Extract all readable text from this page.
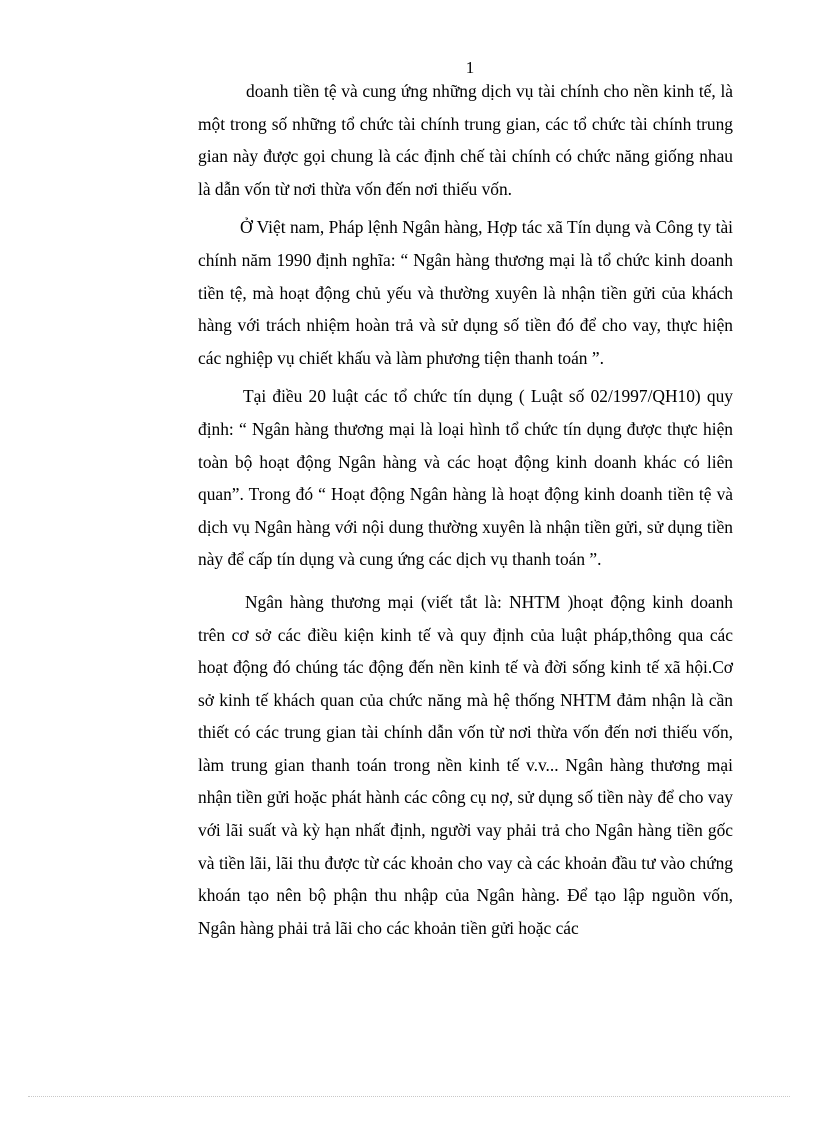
1

doanh tiền tệ và cung ứng những dịch vụ tài chính cho nền kinh tế, là một trong số những tổ chức tài chính trung gian, các tổ chức tài chính trung gian này được gọi chung là các định chế tài chính có chức năng giống nhau là dẫn vốn từ nơi thừa vốn đến nơi thiếu vốn.

Ở Việt nam, Pháp lệnh Ngân hàng, Hợp tác xã Tín dụng và Công ty tài chính năm 1990 định nghĩa: “ Ngân hàng thương mại là tổ chức kinh doanh tiền tệ, mà hoạt động chủ yếu và thường xuyên là nhận tiền gửi của khách hàng với trách nhiệm hoàn trả và sử dụng số tiền đó để cho vay, thực hiện các nghiệp vụ chiết khấu và làm phương tiện thanh toán ”.

Tại điều 20 luật các tổ chức tín dụng ( Luật số 02/1997/QH10) quy định: “ Ngân hàng thương mại là loại hình tổ chức tín dụng được thực hiện toàn bộ hoạt động Ngân hàng và các hoạt động kinh doanh khác có liên quan”. Trong đó “ Hoạt động Ngân hàng là hoạt động kinh doanh tiền tệ và dịch vụ Ngân hàng với nội dung thường xuyên là nhận tiền gửi, sử dụng tiền này để cấp tín dụng và cung ứng các dịch vụ thanh toán ”.

Ngân hàng thương mại (viết tắt là: NHTM )hoạt động kinh doanh trên cơ sở các điều kiện kinh tế và quy định của luật pháp,thông qua các hoạt động đó chúng tác động đến nền kinh tế và đời sống kinh tế xã hội.Cơ sở kinh tế khách quan của chức năng mà hệ thống NHTM đảm nhận là cần thiết có các trung gian tài chính dẫn vốn từ nơi thừa vốn đến nơi thiếu vốn, làm trung gian thanh toán trong nền kinh tế v.v... Ngân hàng thương mại nhận tiền gửi hoặc phát hành các công cụ nợ, sử dụng số tiền này để cho vay với lãi suất và kỳ hạn nhất định, người vay phải trả cho Ngân hàng tiền gốc và tiền lãi, lãi thu được từ các khoản cho vay cà các khoản đầu tư vào chứng khoán tạo nên bộ phận thu nhập của Ngân hàng. Để tạo lập nguồn vốn, Ngân hàng phải trả lãi cho các khoản tiền gửi hoặc các
